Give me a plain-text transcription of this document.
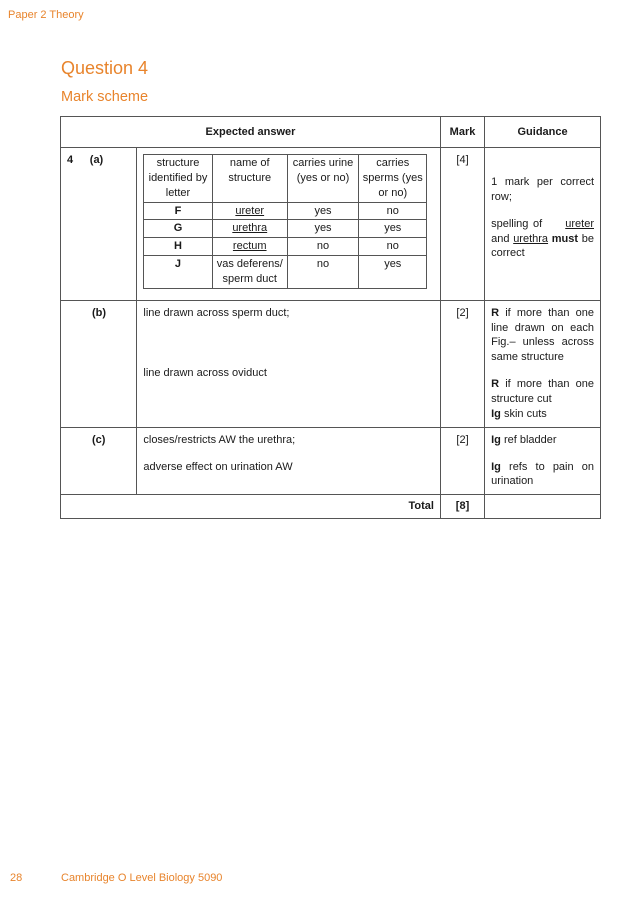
Paper 2 Theory
Question 4
Mark scheme
Expected answer	Mark	Guidance
4	(a)		structure identified by letter	name of structure	carries urine (yes or no)	carries sperms (yes or no)
F	ureter	yes	no
G	urethra	yes	yes
H	rectum	no	no
J	vas deferens/ sperm duct	no	yes
	[4]	
1 mark per correct row;
spelling of ureter and urethra must be correct

(b)	line drawn across sperm duct;
line drawn across oviduct
	[2]	R if more than one line drawn on each Fig.– unless across same structure
R if more than one structure cut
Ig skin cuts

(c)	closes/restricts AW the urethra;
adverse effect on urination AW
	[2]	Ig ref bladder
Ig refs to pain on urination

Total	[8]	
28	Cambridge O Level Biology 5090
